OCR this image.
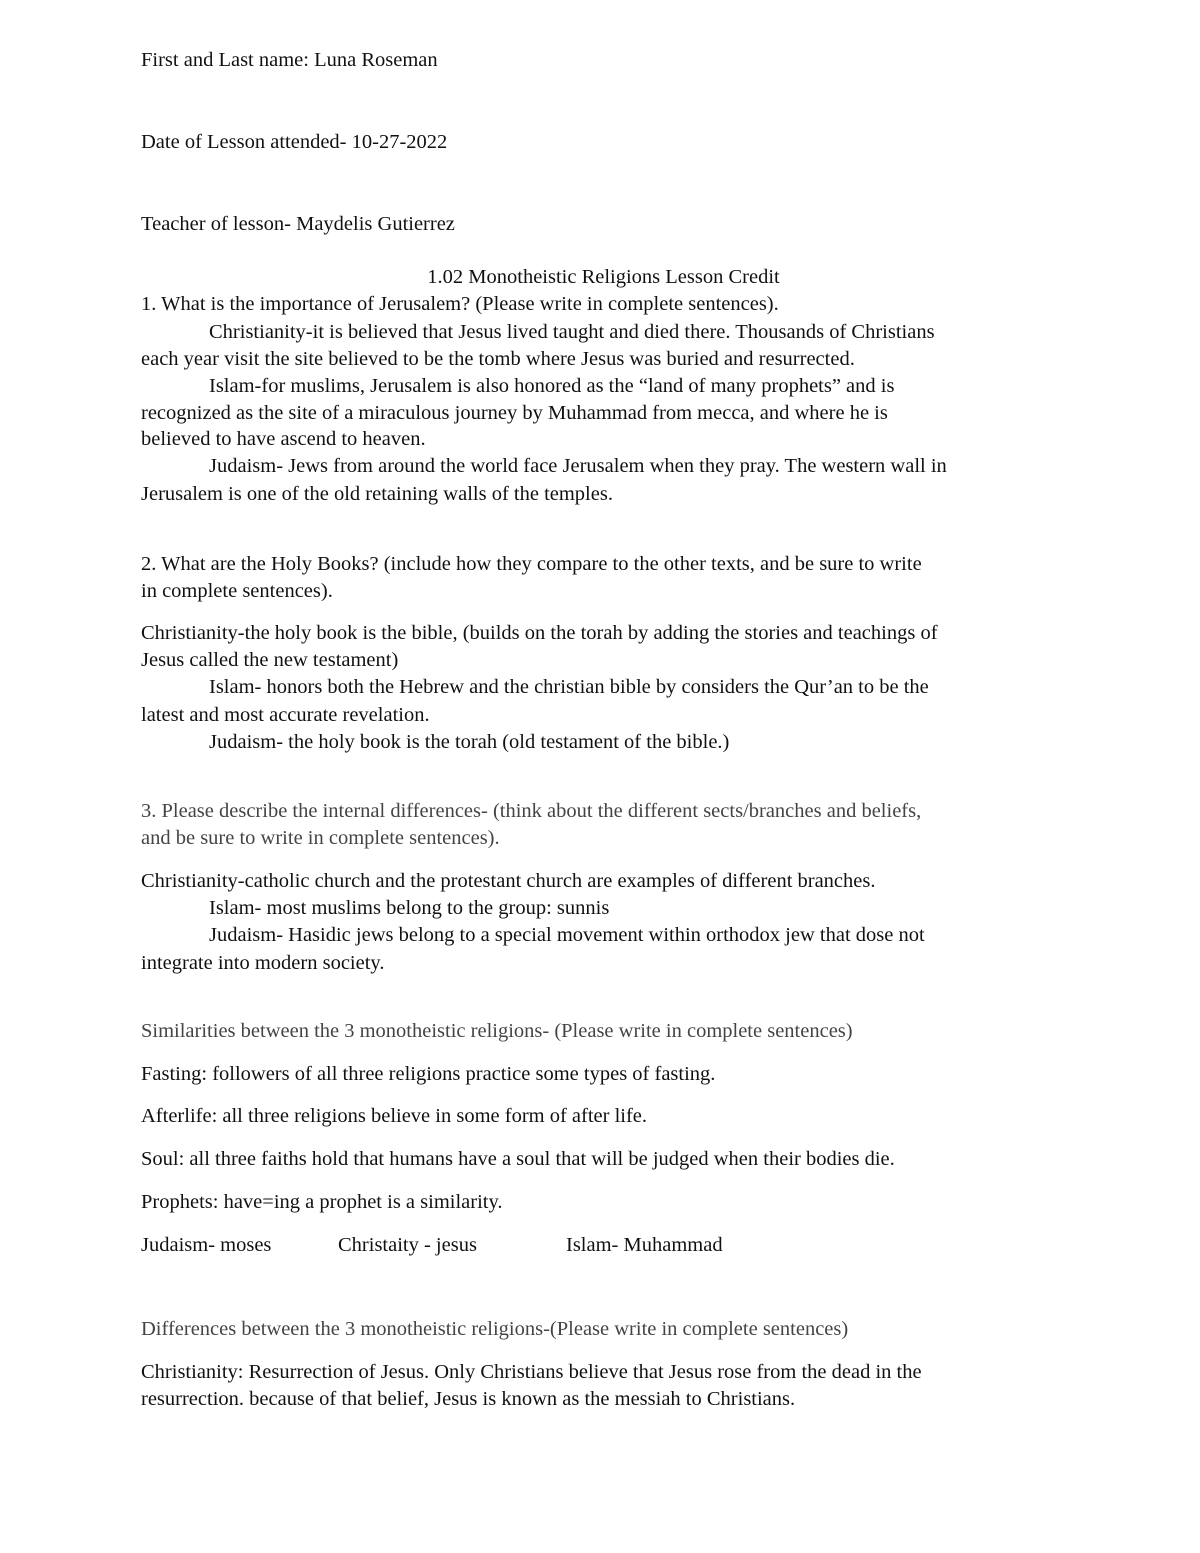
First and Last name: Luna Roseman
Date of Lesson attended- 10-27-2022
Teacher of lesson- Maydelis Gutierrez
1.02 Monotheistic Religions Lesson Credit
1. What is the importance of Jerusalem? (Please write in complete sentences).
Christianity-it is believed that Jesus lived taught and died there. Thousands of Christians
each year visit the site believed to be the tomb where Jesus was buried and resurrected.
Islam-for muslims, Jerusalem is also honored as the “land of many prophets” and is
recognized as the site of a miraculous journey by Muhammad from mecca, and where he is
believed to have ascend to heaven.
Judaism- Jews from around the world face Jerusalem when they pray. The western wall in
Jerusalem is one of the old retaining walls of the temples.
2. What are the Holy Books? (include how they compare to the other texts, and be sure to write
in complete sentences).
Christianity-the holy book is the bible, (builds on the torah by adding the stories and teachings of
Jesus called the new testament)
Islam- honors both the Hebrew and the christian bible by considers the Qur’an to be the
latest and most accurate revelation.
Judaism- the holy book is the torah (old testament of the bible.)
3. Please describe the internal differences- (think about the different sects/branches and beliefs,
and be sure to write in complete sentences).
Christianity-catholic church and the protestant church are examples of different branches.
Islam- most muslims belong to the group: sunnis
Judaism- Hasidic jews belong to a special movement within orthodox jew that dose not
integrate into modern society.
Similarities between the 3 monotheistic religions- (Please write in complete sentences)
Fasting: followers of all three religions practice some types of fasting.
Afterlife: all three religions believe in some form of after life.
Soul: all three faiths hold that humans have a soul that will be judged when their bodies die.
Prophets: have=ing a prophet is a similarity.
Judaism- moses	Christaity - jesus	Islam- Muhammad
Differences between the 3 monotheistic religions-(Please write in complete sentences)
Christianity: Resurrection of Jesus. Only Christians believe that Jesus rose from the dead in the
resurrection. because of that belief, Jesus is known as the messiah to Christians.
